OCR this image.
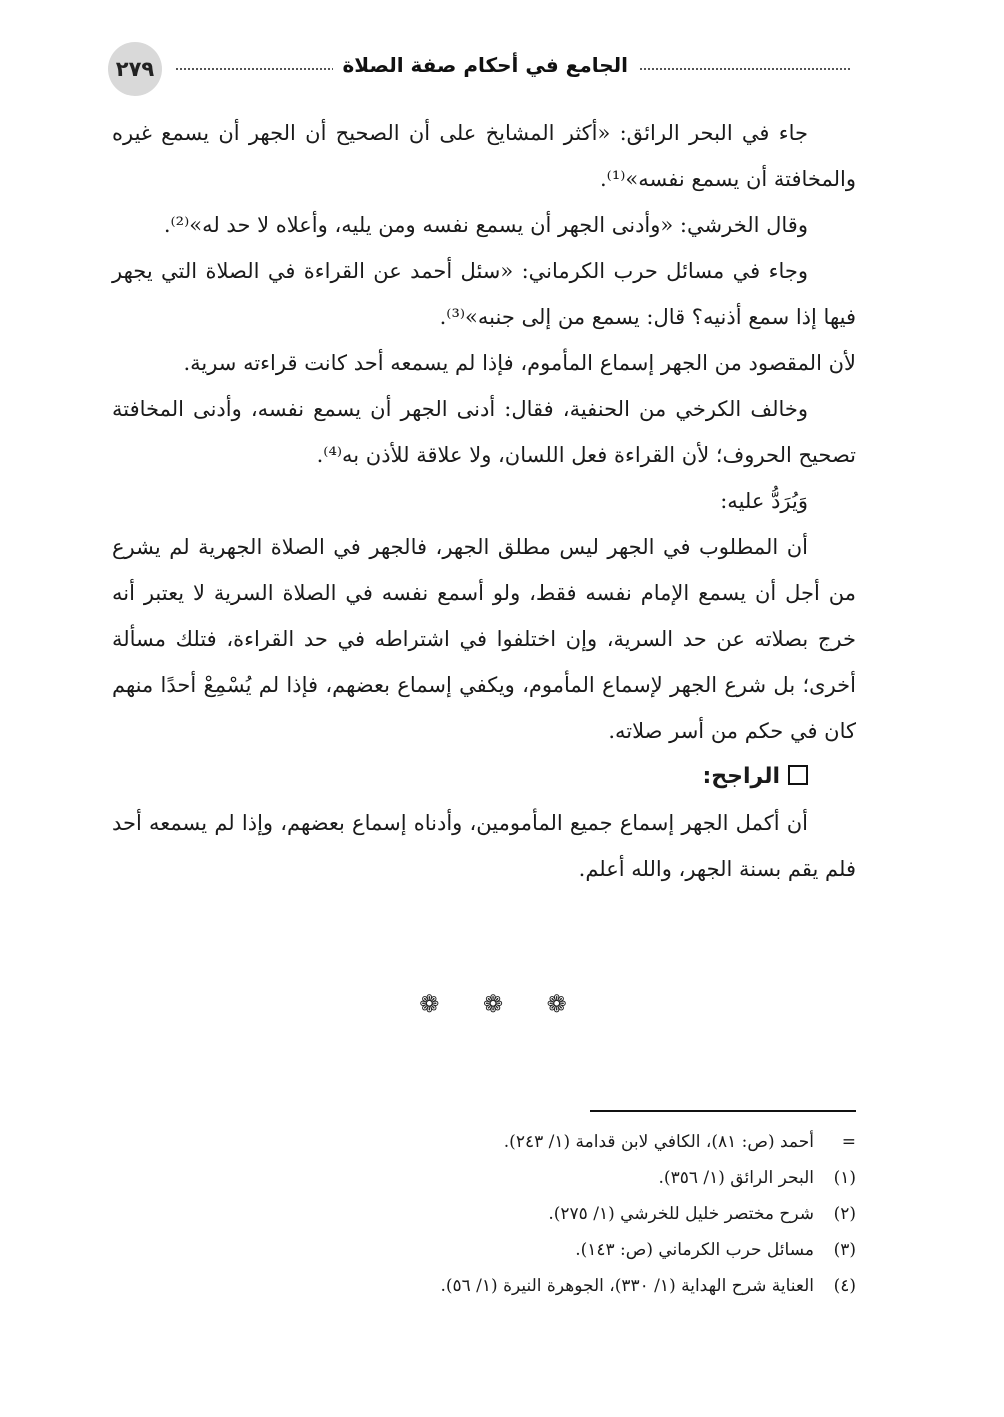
٢٧٩	الجامع في أحكام صفة الصلاة

جاء في البحر الرائق: «أكثر المشايخ على أن الصحيح أن الجهر أن يسمع غيره والمخافتة أن يسمع نفسه»⁽¹⁾.

وقال الخرشي: «وأدنى الجهر أن يسمع نفسه ومن يليه، وأعلاه لا حد له»⁽²⁾.

وجاء في مسائل حرب الكرماني: «سئل أحمد عن القراءة في الصلاة التي يجهر فيها إذا سمع أذنيه؟ قال: يسمع من إلى جنبه»⁽³⁾.

لأن المقصود من الجهر إسماع المأموم، فإذا لم يسمعه أحد كانت قراءته سرية.

وخالف الكرخي من الحنفية، فقال: أدنى الجهر أن يسمع نفسه، وأدنى المخافتة تصحيح الحروف؛ لأن القراءة فعل اللسان، ولا علاقة للأذن به⁽⁴⁾.

وَيُرَدُّ عليه:

أن المطلوب في الجهر ليس مطلق الجهر، فالجهر في الصلاة الجهرية لم يشرع من أجل أن يسمع الإمام نفسه فقط، ولو أسمع نفسه في الصلاة السرية لا يعتبر أنه خرج بصلاته عن حد السرية، وإن اختلفوا في اشتراطه في حد القراءة، فتلك مسألة أخرى؛ بل شرع الجهر لإسماع المأموم، ويكفي إسماع بعضهم، فإذا لم يُسْمِعْ أحدًا منهم كان في حكم من أسر صلاته.

الراجح:

أن أكمل الجهر إسماع جميع المأمومين، وأدناه إسماع بعضهم، وإذا لم يسمعه أحد فلم يقم بسنة الجهر، والله أعلم.

❁ ❁ ❁
=
أحمد (ص: ٨١)، الكافي لابن قدامة (١/ ٢٤٣).
(١)
البحر الرائق (١/ ٣٥٦).
(٢)
شرح مختصر خليل للخرشي (١/ ٢٧٥).
(٣)
مسائل حرب الكرماني (ص: ١٤٣).
(٤)
العناية شرح الهداية (١/ ٣٣٠)، الجوهرة النيرة (١/ ٥٦).
